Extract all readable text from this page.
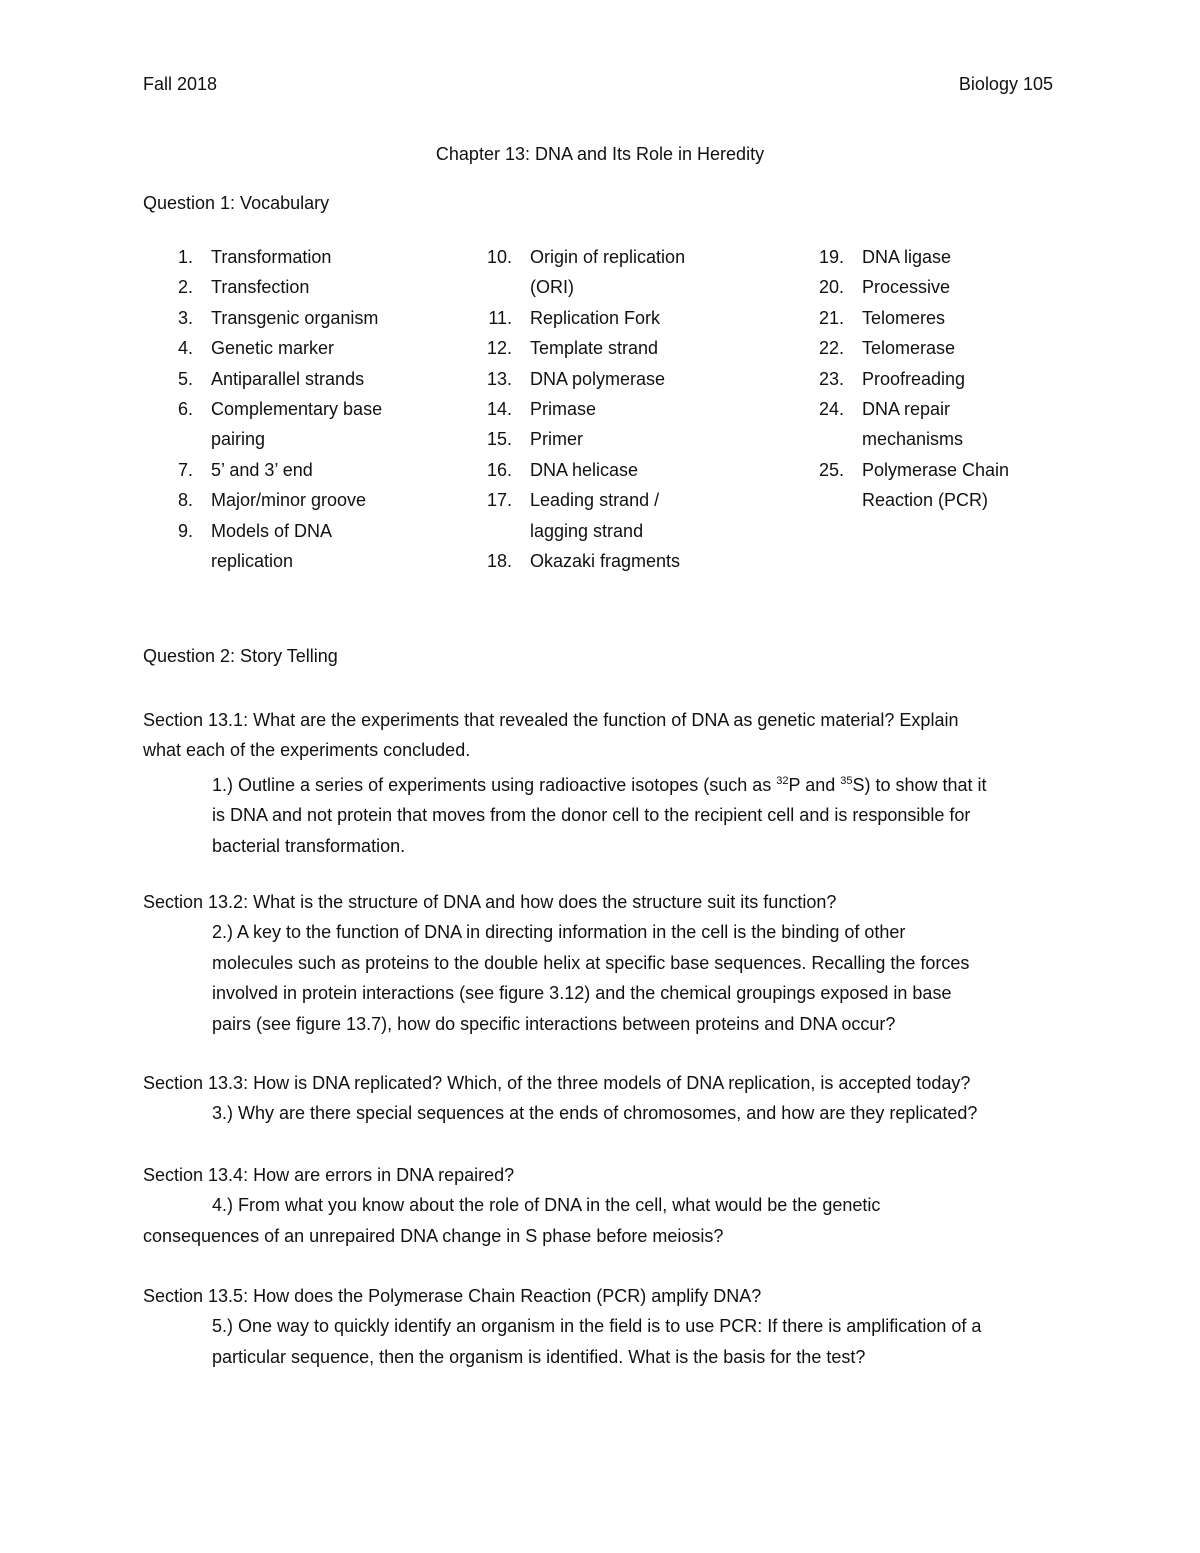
Fall 2018	Biology 105
Chapter 13: DNA and Its Role in Heredity
Question 1: Vocabulary
1. Transformation
2. Transfection
3. Transgenic organism
4. Genetic marker
5. Antiparallel strands
6. Complementary base
pairing
7. 5’ and 3’ end
8. Major/minor groove
9. Models of DNA
replication
10. Origin of replication
(ORI)
11. Replication Fork
12. Template strand
13. DNA polymerase
14. Primase
15. Primer
16. DNA helicase
17. Leading strand /
lagging strand
18. Okazaki fragments
19. DNA ligase
20. Processive
21. Telomeres
22. Telomerase
23. Proofreading
24. DNA repair
mechanisms
25. Polymerase Chain
Reaction (PCR)
Question 2: Story Telling
Section 13.1: What are the experiments that revealed the function of DNA as genetic material? Explain
what each of the experiments concluded.
1.) Outline a series of experiments using radioactive isotopes (such as $^{32}$P and $^{35}$S) to show that it
is DNA and not protein that moves from the donor cell to the recipient cell and is responsible for
bacterial transformation.
Section 13.2: What is the structure of DNA and how does the structure suit its function?
2.) A key to the function of DNA in directing information in the cell is the binding of other
molecules such as proteins to the double helix at specific base sequences. Recalling the forces
involved in protein interactions (see figure 3.12) and the chemical groupings exposed in base
pairs (see figure 13.7), how do specific interactions between proteins and DNA occur?
Section 13.3: How is DNA replicated? Which, of the three models of DNA replication, is accepted today?
3.) Why are there special sequences at the ends of chromosomes, and how are they replicated?
Section 13.4: How are errors in DNA repaired?
4.) From what you know about the role of DNA in the cell, what would be the genetic
consequences of an unrepaired DNA change in S phase before meiosis?
Section 13.5: How does the Polymerase Chain Reaction (PCR) amplify DNA?
5.) One way to quickly identify an organism in the field is to use PCR: If there is amplification of a
particular sequence, then the organism is identified. What is the basis for the test?
